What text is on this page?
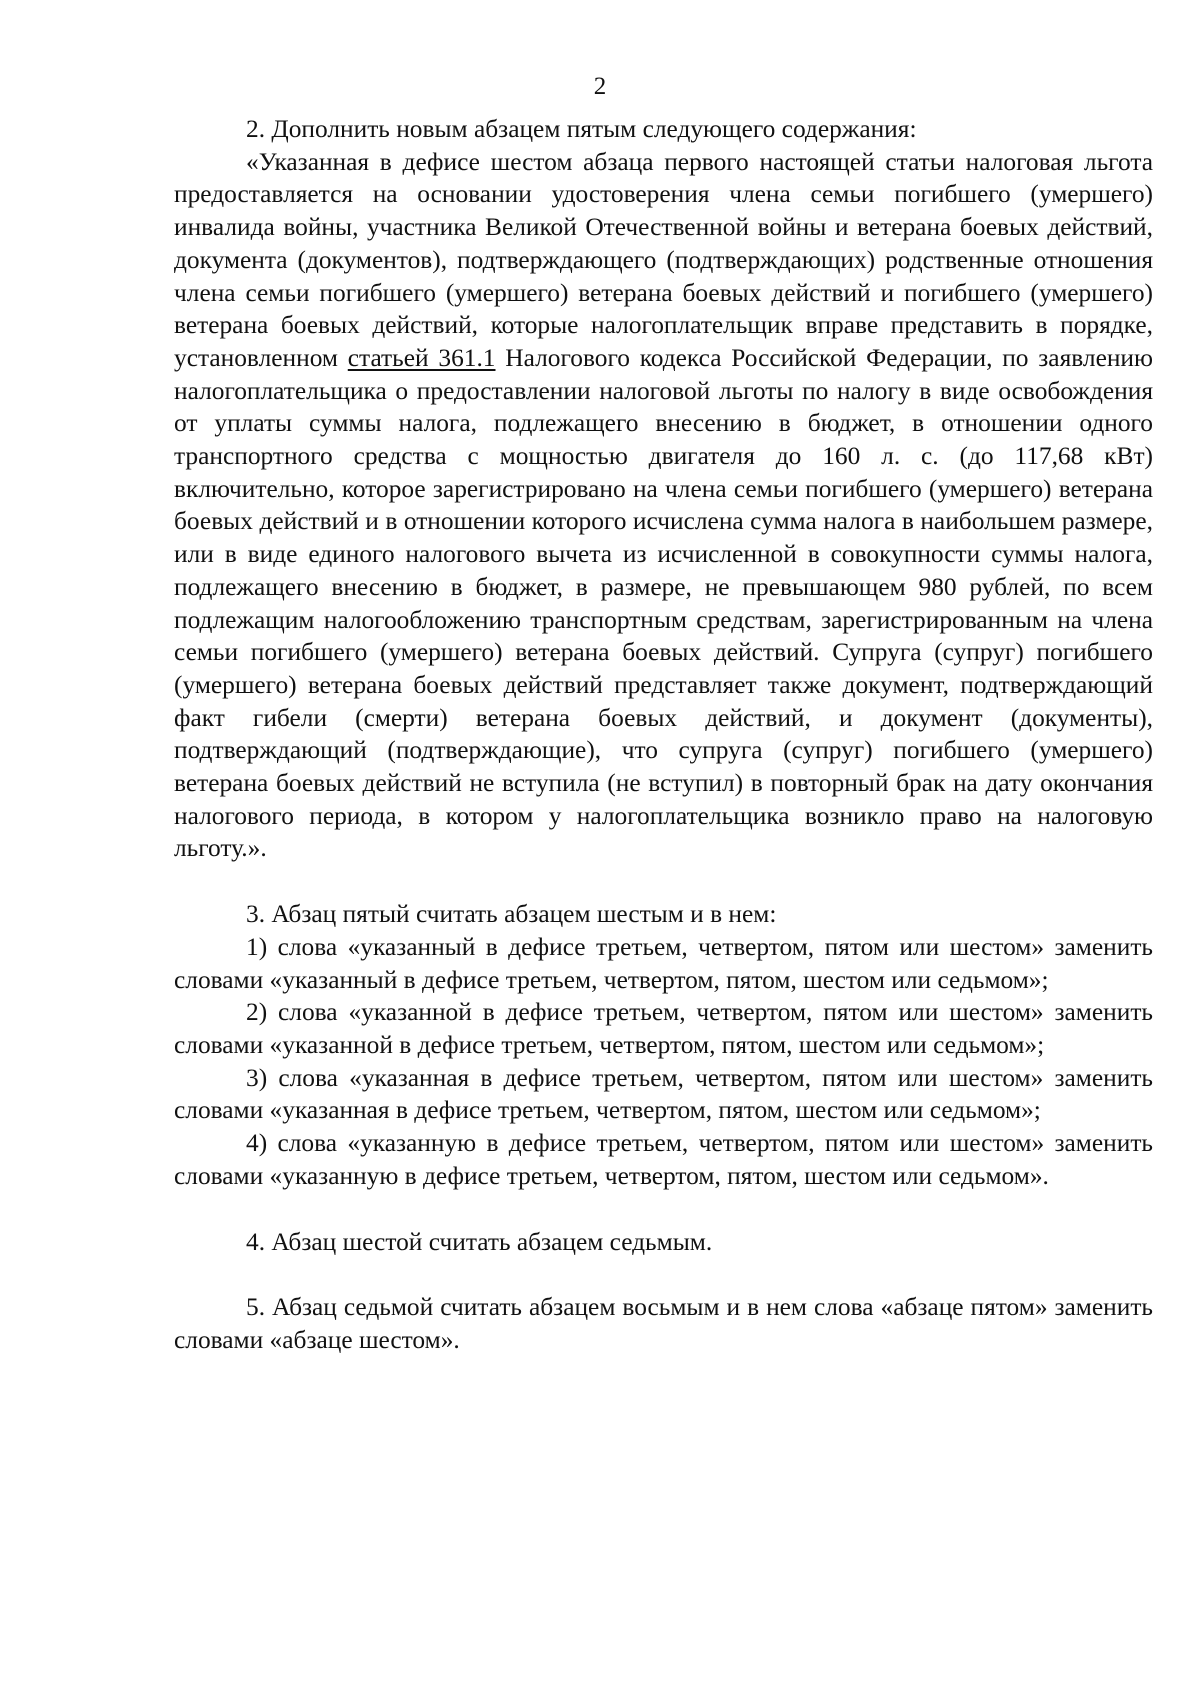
2

2. Дополнить новым абзацем пятым следующего содержания:

«Указанная в дефисе шестом абзаца первого настоящей статьи налоговая льгота предоставляется на основании удостоверения члена семьи погибшего (умершего) инвалида войны, участника Великой Отечественной войны и ветерана боевых действий, документа (документов), подтверждающего (подтверждающих) родственные отношения члена семьи погибшего (умершего) ветерана боевых действий и погибшего (умершего) ветерана боевых действий, которые налогоплательщик вправе представить в порядке, установленном статьей 361.1 Налогового кодекса Российской Федерации, по заявлению налогоплательщика о предоставлении налоговой льготы по налогу в виде освобождения от уплаты суммы налога, подлежащего внесению в бюджет, в отношении одного транспортного средства с мощностью двигателя до 160 л. с. (до 117,68 кВт) включительно, которое зарегистрировано на члена семьи погибшего (умершего) ветерана боевых действий и в отношении которого исчислена сумма налога в наибольшем размере, или в виде единого налогового вычета из исчисленной в совокупности суммы налога, подлежащего внесению в бюджет, в размере, не превышающем 980 рублей, по всем подлежащим налогообложению транспортным средствам, зарегистрированным на члена семьи погибшего (умершего) ветерана боевых действий. Супруга (супруг) погибшего (умершего) ветерана боевых действий представляет также документ, подтверждающий факт гибели (смерти) ветерана боевых действий, и документ (документы), подтверждающий (подтверждающие), что супруга (супруг) погибшего (умершего) ветерана боевых действий не вступила (не вступил) в повторный брак на дату окончания налогового периода, в котором у налогоплательщика возникло право на налоговую льготу.».

3. Абзац пятый считать абзацем шестым и в нем:

1) слова «указанный в дефисе третьем, четвертом, пятом или шестом» заменить словами «указанный в дефисе третьем, четвертом, пятом, шестом или седьмом»;

2) слова «указанной в дефисе третьем, четвертом, пятом или шестом» заменить словами «указанной в дефисе третьем, четвертом, пятом, шестом или седьмом»;

3) слова «указанная в дефисе третьем, четвертом, пятом или шестом» заменить словами «указанная в дефисе третьем, четвертом, пятом, шестом или седьмом»;

4) слова «указанную в дефисе третьем, четвертом, пятом или шестом» заменить словами «указанную в дефисе третьем, четвертом, пятом, шестом или седьмом».

4. Абзац шестой считать абзацем седьмым.

5. Абзац седьмой считать абзацем восьмым и в нем слова «абзаце пятом» заменить словами «абзаце шестом».
